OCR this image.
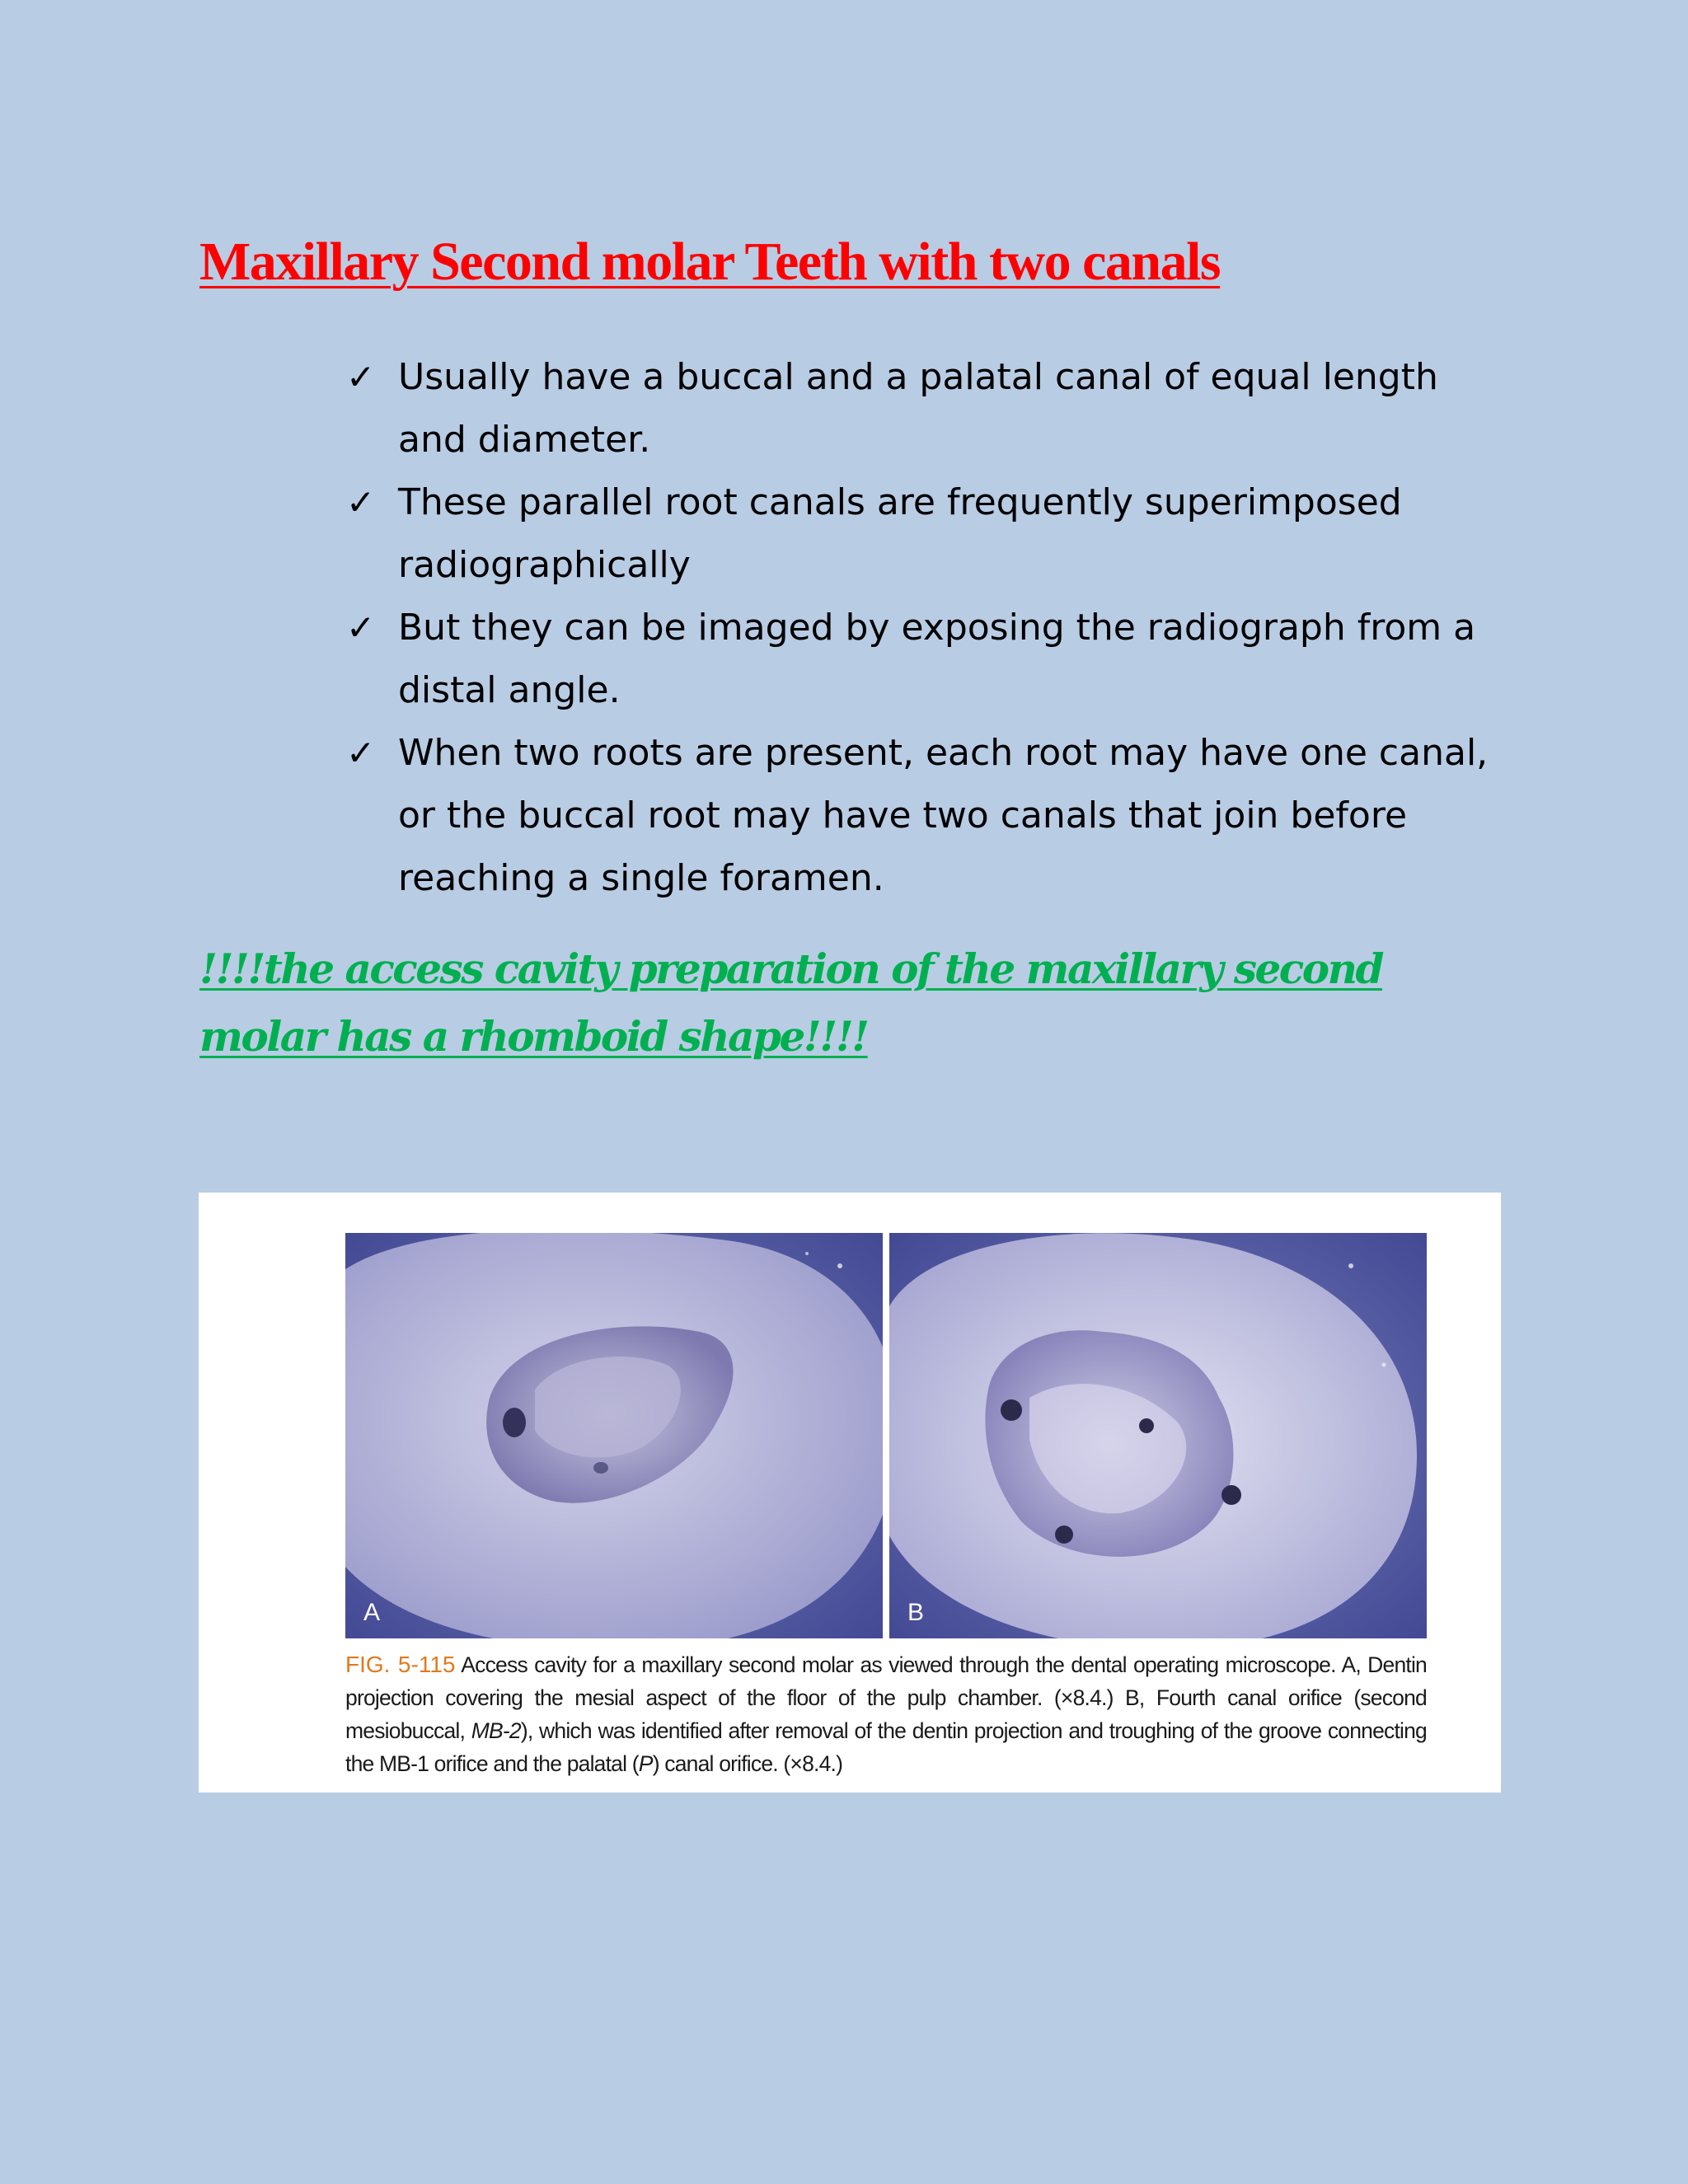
Maxillary Second molar Teeth with two canals
✓ Usually have a buccal and a palatal canal of equal length and diameter.
✓ These parallel root canals are frequently superimposed radiographically
✓ But they can be imaged by exposing the radiograph from a distal angle.
✓ When two roots are present, each root may have one canal, or the buccal root may have two canals that join before reaching a single foramen.

!!!!the access cavity preparation of the maxillary second molar has a rhomboid shape!!!!

A	B

FIG. 5-115 Access cavity for a maxillary second molar as viewed through the dental operating microscope. A, Dentin projection covering the mesial aspect of the floor of the pulp chamber. (×8.4.) B, Fourth canal orifice (second mesiobuccal, MB-2), which was identified after removal of the dentin projection and troughing of the groove connecting the MB-1 orifice and the palatal (P) canal orifice. (×8.4.)
